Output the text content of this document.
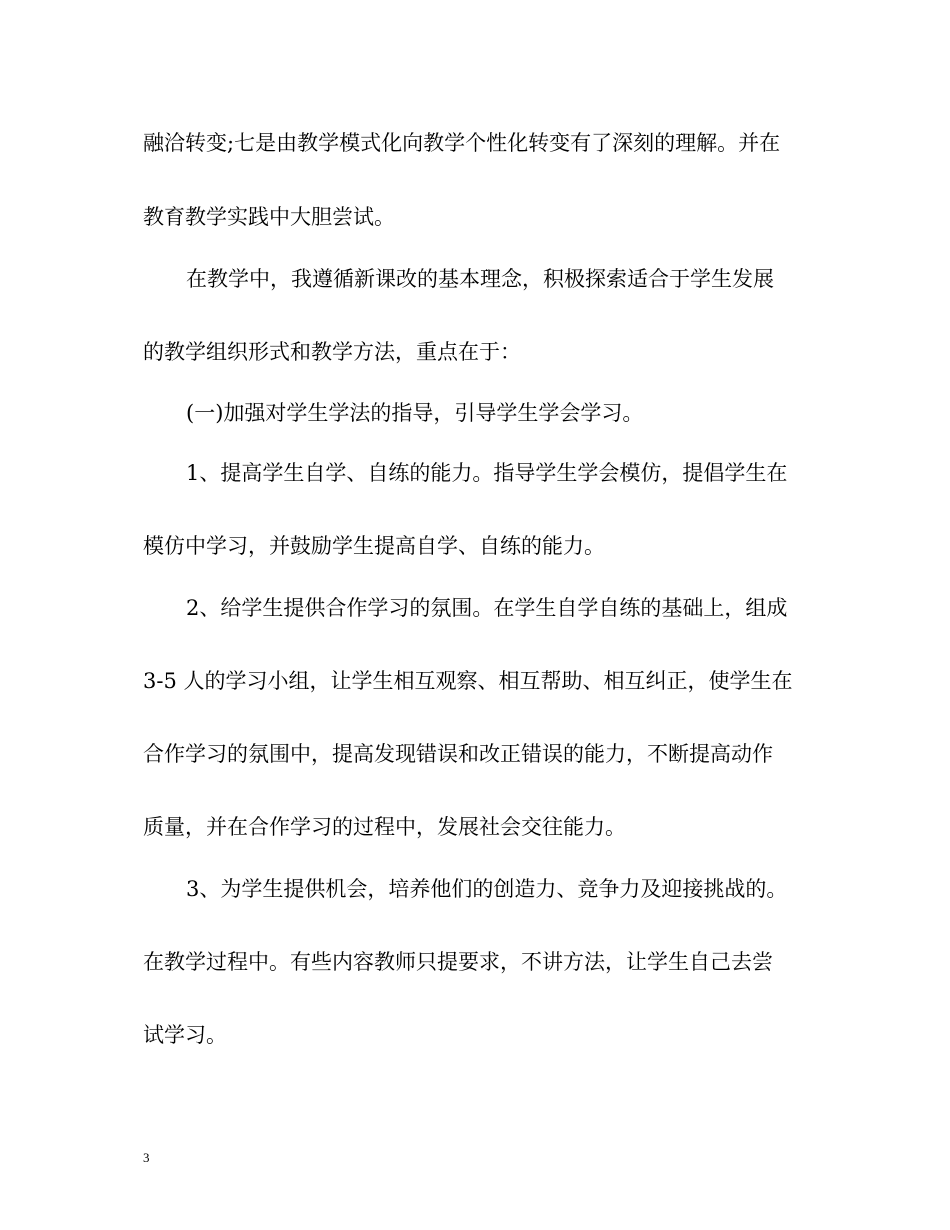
融洽转变;七是由教学模式化向教学个性化转变有了深刻的理解。并在

教育教学实践中大胆尝试。

在教学中，我遵循新课改的基本理念，积极探索适合于学生发展

的教学组织形式和教学方法，重点在于：

(一)加强对学生学法的指导，引导学生学会学习。

1、提高学生自学、自练的能力。指导学生学会模仿，提倡学生在

模仿中学习，并鼓励学生提高自学、自练的能力。

2、给学生提供合作学习的氛围。在学生自学自练的基础上，组成

3-5 人的学习小组，让学生相互观察、相互帮助、相互纠正，使学生在

合作学习的氛围中，提高发现错误和改正错误的能力，不断提高动作

质量，并在合作学习的过程中，发展社会交往能力。

3、为学生提供机会，培养他们的创造力、竞争力及迎接挑战的。

在教学过程中。有些内容教师只提要求，不讲方法，让学生自己去尝

试学习。

3
